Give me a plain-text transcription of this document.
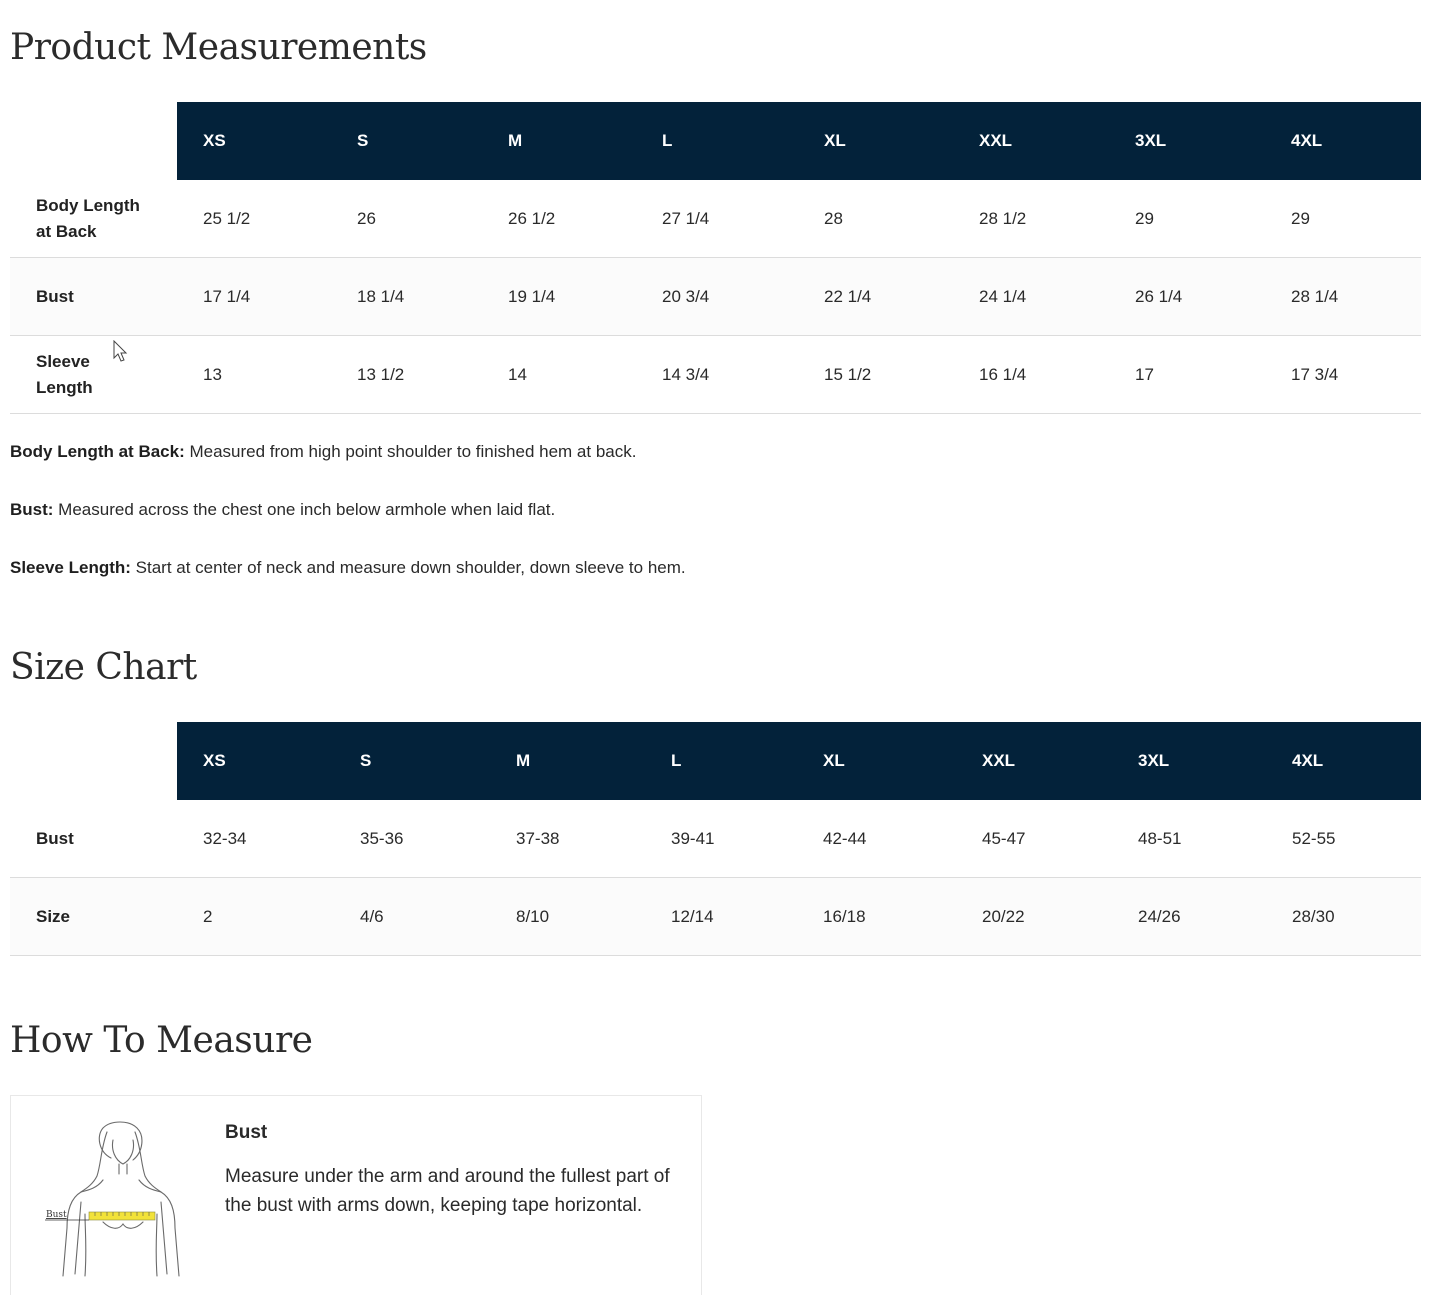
Product Measurements
	XS	S	M	L	XL	XXL	3XL	4XL
Body Length at Back	25 1/2	26	26 1/2	27 1/4	28	28 1/2	29	29
Bust	17 1/4	18 1/4	19 1/4	20 3/4	22 1/4	24 1/4	26 1/4	28 1/4
Sleeve Length	13	13 1/2	14	14 3/4	15 1/2	16 1/4	17	17 3/4

Body Length at Back: Measured from high point shoulder to finished hem at back.

Bust: Measured across the chest one inch below armhole when laid flat.

Sleeve Length: Start at center of neck and measure down shoulder, down sleeve to hem.

Size Chart
	XS	S	M	L	XL	XXL	3XL	4XL
Bust	32-34	35-36	37-38	39-41	42-44	45-47	48-51	52-55
Size	2	4/6	8/10	12/14	16/18	20/22	24/26	28/30
How To Measure
Bust

Bust

Measure under the arm and around the fullest part of the bust with arms down, keeping tape horizontal.
